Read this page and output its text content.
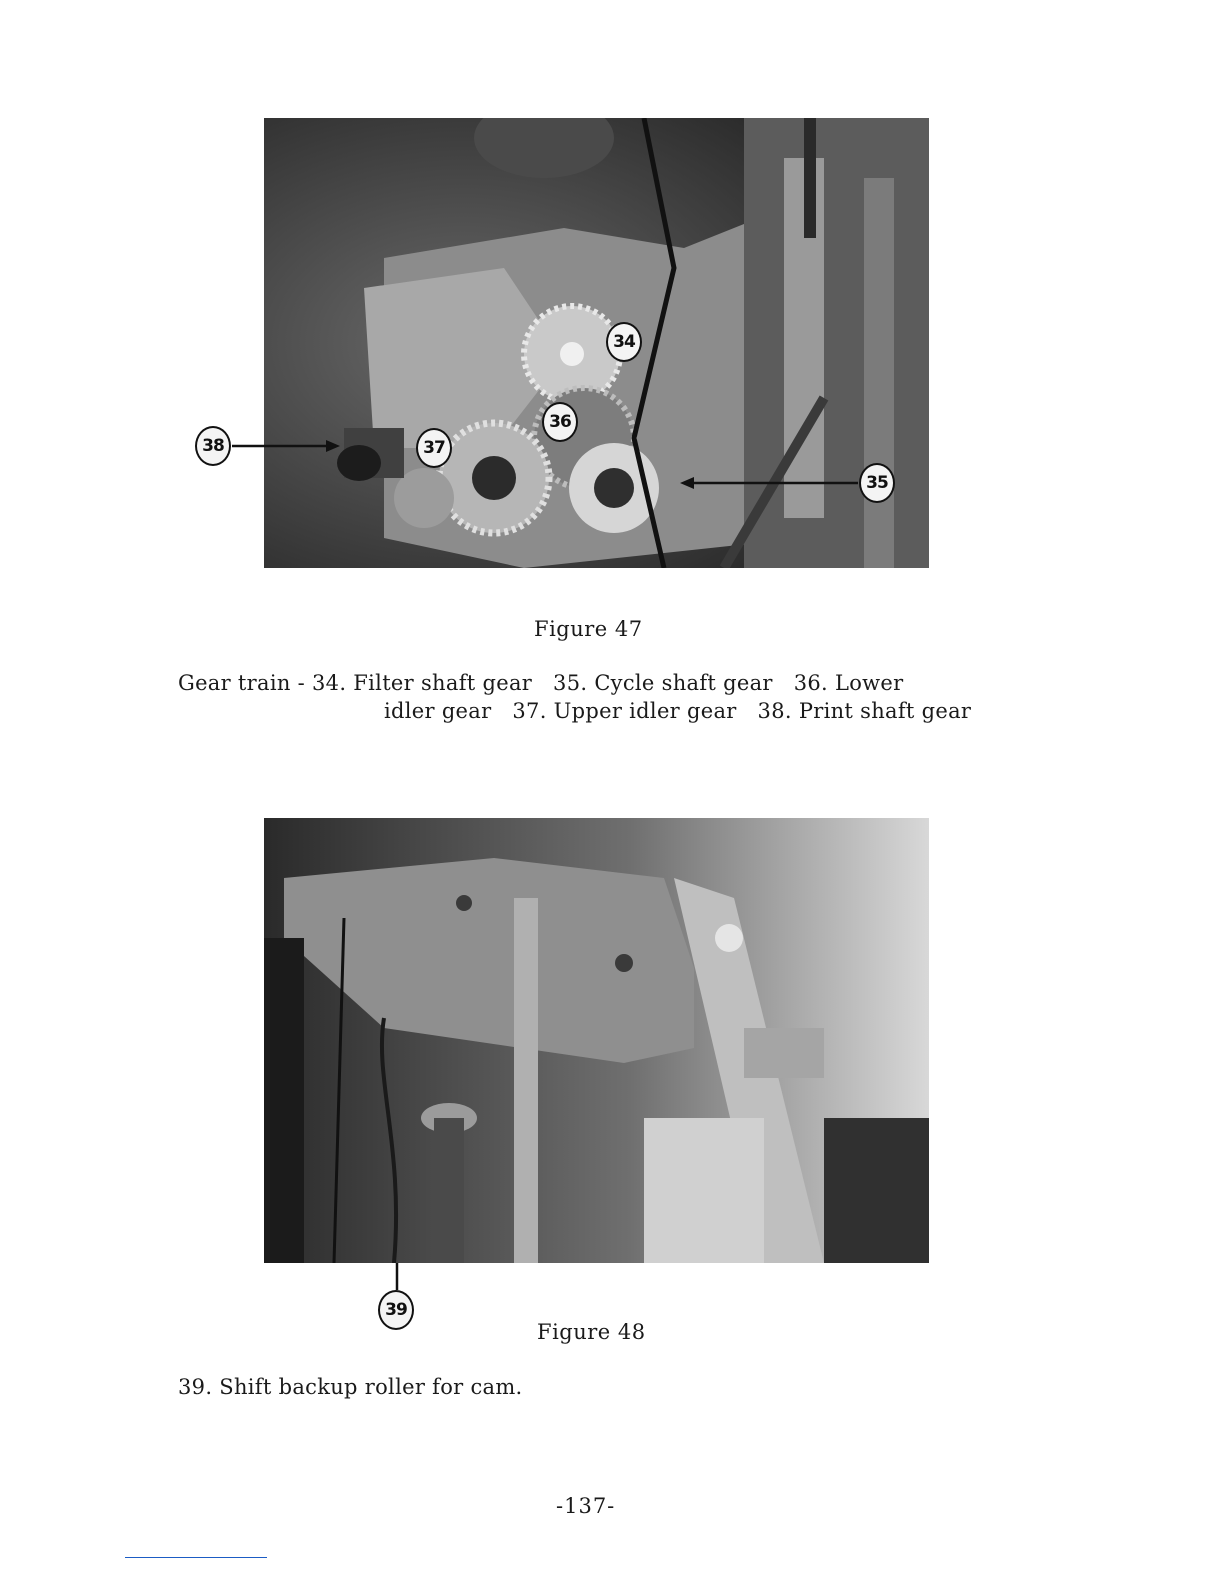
34
36
37
38
35
Figure 47
Gear train - 34. Filter shaft gear   35. Cycle shaft gear   36. Lower
idler gear   37. Upper idler gear   38. Print shaft gear
39
Figure 48
39. Shift backup roller for cam.
-137-
